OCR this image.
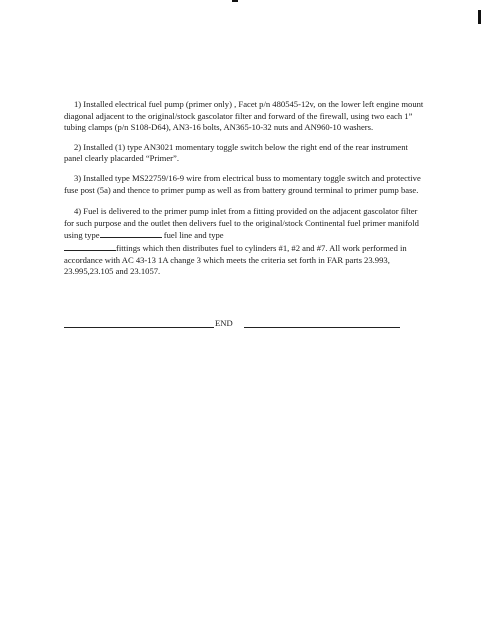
1) Installed electrical fuel pump (primer only) , Facet p/n 480545-12v, on the lower left engine mount diagonal adjacent to the original/stock gascolator filter and forward of the firewall, using two each 1” tubing clamps (p/n S108-D64), AN3-16 bolts, AN365-10-32 nuts and AN960-10 washers.

2) Installed (1) type AN3021 momentary toggle switch below the right end of the rear instrument panel clearly placarded “Primer”.

3) Installed type MS22759/16-9 wire from electrical buss to momentary toggle switch and protective fuse post (5a) and thence to primer pump as well as from battery ground terminal to primer pump base.

4) Fuel is delivered to the primer pump inlet from a fitting provided on the adjacent gascolator filter for such purpose and the outlet then delivers fuel to the original/stock Continental fuel primer manifold using type	fuel line and type
fittings which then distributes fuel to cylinders #1, #2 and #7. All work performed in accordance with AC 43-13 1A change 3 which meets the criteria set forth in FAR parts 23.993, 23.995,23.105 and 23.1057.

END
